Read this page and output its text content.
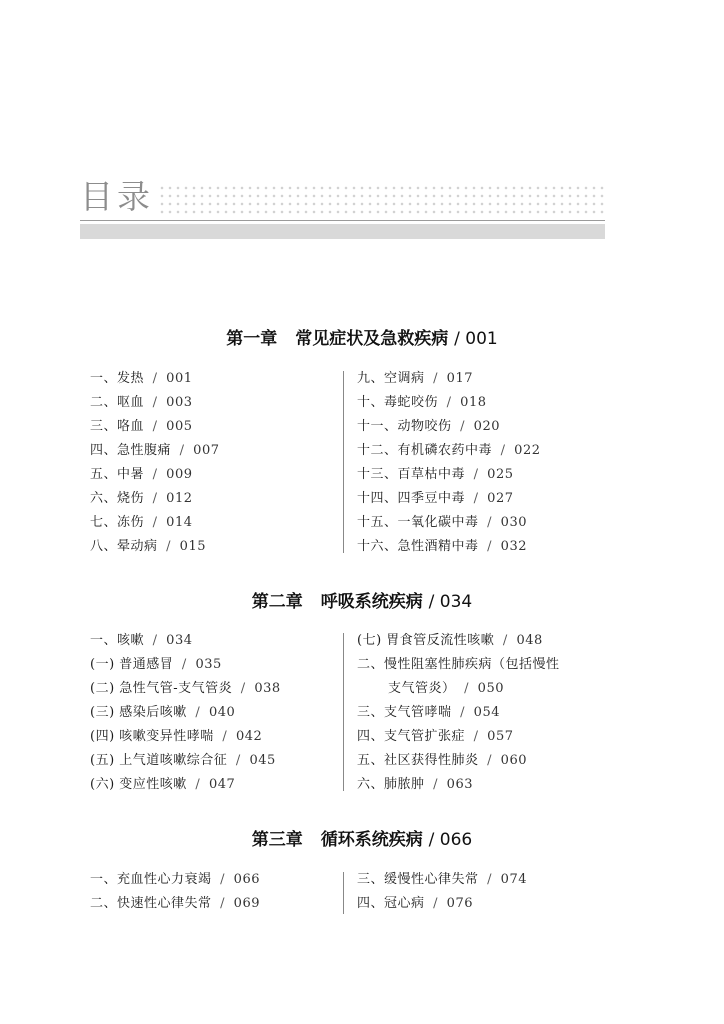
目录
第一章 常见症状及急救疾病 / 001
一、发热 / 001
二、呕血 / 003
三、咯血 / 005
四、急性腹痛 / 007
五、中暑 / 009
六、烧伤 / 012
七、冻伤 / 014
八、晕动病 / 015
九、空调病 / 017
十、毒蛇咬伤 / 018
十一、动物咬伤 / 020
十二、有机磷农药中毒 / 022
十三、百草枯中毒 / 025
十四、四季豆中毒 / 027
十五、一氧化碳中毒 / 030
十六、急性酒精中毒 / 032
第二章 呼吸系统疾病 / 034
一、咳嗽 / 034
(一) 普通感冒 / 035
(二) 急性气管-支气管炎 / 038
(三) 感染后咳嗽 / 040
(四) 咳嗽变异性哮喘 / 042
(五) 上气道咳嗽综合征 / 045
(六) 变应性咳嗽 / 047
(七) 胃食管反流性咳嗽 / 048
二、慢性阻塞性肺疾病（包括慢性
支气管炎） / 050
三、支气管哮喘 / 054
四、支气管扩张症 / 057
五、社区获得性肺炎 / 060
六、肺脓肿 / 063
第三章 循环系统疾病 / 066
一、充血性心力衰竭 / 066
二、快速性心律失常 / 069
三、缓慢性心律失常 / 074
四、冠心病 / 076
